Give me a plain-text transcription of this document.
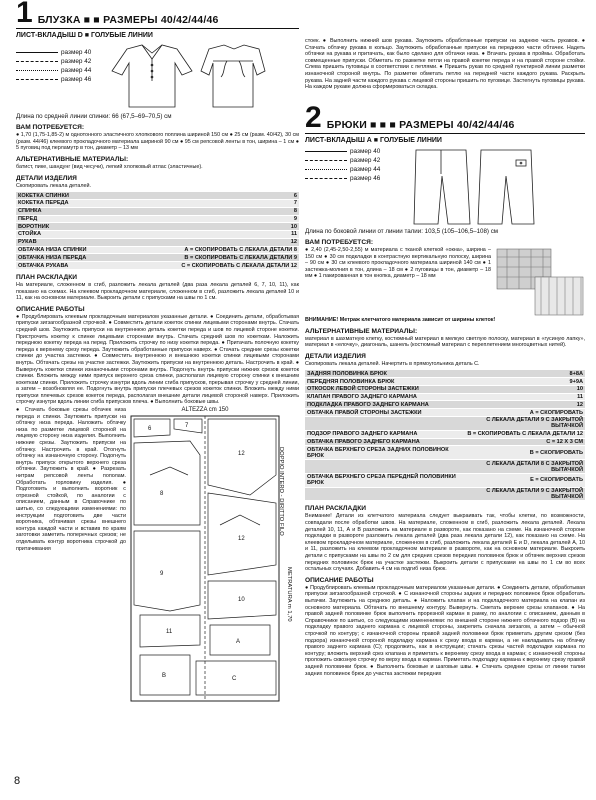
1 БЛУЗКА ■ ■ РАЗМЕРЫ 40/42/44/46
ЛИСТ-ВКЛАДЫШ D ■ ГОЛУБЫЕ ЛИНИИ
размер 40
размер 42
размер 44
размер 46
Длина по средней линии спинки: 66 (67,5–69–70,5) см
ВАМ ПОТРЕБУЕТСЯ:
● 1,70 (1,75-1,85-2) м однотонного эластичного хлопкового поплина шириной 150 см ● 25 см (разм. 40/42), 30 см (разм. 44/46) клеевого прокладочного материала шириной 90 см ● 95 см репсовой ленты в тон, ширина – 1 см ● 5 пуговиц под перламутр в тон, диаметр – 13 мм
АЛЬТЕРНАТИВНЫЕ МАТЕРИАЛЫ:
батист, пике, шандунг (вид чесучи), легкий хлопковый атлас (эластичные).
ДЕТАЛИ ИЗДЕЛИЯ
Скопировать лекала деталей.
КОКЕТКА СПИНКИ	6
КОКЕТКА ПЕРЕДА	7
СПИНКА	8
ПЕРЕД	9
ВОРОТНИК	10
СТОЙКА	11
РУКАВ	12
ОБТАЧКА НИЗА СПИНКИ	А = СКОПИРОВАТЬ С ЛЕКАЛА ДЕТАЛИ 8
ОБТАЧКА НИЗА ПЕРЕДА	В = СКОПИРОВАТЬ С ЛЕКАЛА ДЕТАЛИ 9
ОБТАЧКА РУКАВА	С = СКОПИРОВАТЬ С ЛЕКАЛА ДЕТАЛИ 12
ПЛАН РАСКЛАДКИ
На материале, сложенном в сгиб, разложить лекала деталей (два раза лекала деталей 6, 7, 10, 11), как показано на схемах. На клеевом прокладочном материале, сложенном в сгиб, разложить лекала деталей 10 и 11, как на основном материале. Выкроить детали с припусками на швы по 1 см.
ОПИСАНИЕ РАБОТЫ
● Продублировать клеевым прокладочным материалом указанные детали. ● Соединить детали, обработывая припуски зигзагообразной строчкой. ● Совместить детали кокеток спинки лицевыми сторонами внутрь. Стачать средний шов. Заутюжить припуски на внутреннюю деталь кокетки переда и шов по лицевой стороне кокетки. Пристрочить кокетку к спинке лицевыми сторонами внутрь. Стачать средний шов по кокеткам. Наложить переднюю кокетку переда на перед. Приложить строчку по низу кокетки переда. ● Притачать полочную кокетку переда к верхнему срезу переда. Заутюжить обработанные припуски наверх. ● Стачать средние срезы кокетки спинки до участка застежки. ● Совместить внутреннюю и внешнюю кокетки спинки лицевыми сторонами внутрь. Обтачать срезы на участке застежки. Заутюжить припуски на внутреннюю деталь. Настрочить в край. ● Вывернуть кокетки спинки изнаночными сторонами внутрь. Подогнуть внутрь припуски нижних срезов кокеток спинки. Вложить между ними припуск верхнего среза спинки, располагая лицевую сторону спинки к внешним кокеткам спинки. Приложить строчку изнутри вдоль линии сгиба припусков, прерывая строчку у средней линии, а затем – возобновляя ее. Подогнуть внутрь припуски плечевых срезов кокеток спинки. Вложить между ними припуски плечевых срезов кокеток переда, располагая внешние детали лицевой стороной наверх. Приложить строчку изнутри вдоль линии сгиба припусков плеча. ● Выполнить боковые швы.
● Стачать боковые срезы обтачек низа переда и спинки. Заутюжить припуски на обтачку низа переда. Наложить обтачку низа по разметке лицевой стороной на лицевую сторону низа изделия. Выполнить нижние срезы. Заутюжить припуски на обтачку. Настрочить в край. Отогнуть обтачку на изнаночную сторону. Подогнуть внутрь припуск открытого верхнего среза обтачки. Заутюжить в край. ● Разрезать нитрам репсовой ленты пополам. Обработать горловину изделия. ● Подготовить и выполнить воротник с отрезной стойкой, по аналогии с описанием, данным в Справочнике по шитью, со следующими изменениями: по инструкции подготовить две части воротника, обтачивая срезы внешнего контура каждой части и вставив по краям заготовки заметить поперечных срезов; не отделывать контур воротника строчкой до притачивания
ALTEZZA cm 150
6	7
8
9
12
12
10
11
A
B	C
DOPPIO INTERO - DIRITTO FILO
METRATURA m 1,70
стоек. ● Выполнить нижний шов рукава. Заутюжить обработанные припуски на заднюю часть рукавов. ● Стачать обтачку рукава в кольцо. Заутюжить обработанные припуски на переднюю части обтачек. Надеть обтачки на рукава и притачать, как было сделано для обтачки низа. ● Втачать рукава в проймы. Обработать совмещенные припуски. Обметать по разметке петли на правой кокетке переда и на правой стороне стойки. Слева пришить пуговицы в соответствии с петлями. ● Пришить рукав по средней пунктирной линии разметки изнаночной стороной внутрь. По разметке обметать петлю на передней части каждого рукава. Раскрыть рукава. На задней части каждого рукава с лицевой стороны пришить по пуговице. Застегнуть пуговицы рукава. На каждом рукаве должна сформироваться складка.
2 БРЮКИ ■ ■ ■ РАЗМЕРЫ 40/42/44/46
ЛИСТ-ВКЛАДЫШ А ■ ГОЛУБЫЕ ЛИНИИ
размер 40
размер 42
размер 44
размер 46
Длина по боковой линии от линии талии: 103,5 (105–106,5–108) см
ВАМ ПОТРЕБУЕТСЯ:
● 2,40 (2,45-2,50-2,55) м материала с тканой клеткой «окна», ширина – 150 см ● 30 см подкладки в контрастную вертикальную полоску, ширина – 90 см ● 30 см клеевого прокладочного материала шириной 140 см ● 1 застежка-молния в тон, длина – 18 см ● 2 пуговицы в тон, диаметр – 18 мм ● 1 пакированная в тон кнопка, диаметр – 18 мм
ВНИМАНИЕ! Метраж клетчатого материала зависит от ширины клеток!
АЛЬТЕРНАТИВНЫЕ МАТЕРИАЛЫ:
материал в шахматную клетку, костюмный материал в мелкую светлую полоску, материал в «гусиную лапку», материал в «елочку», диагональ, шанель (костюмный материал с переплетением многоцветных нитей).
ДЕТАЛИ ИЗДЕЛИЯ
Скопировать лекала деталей. Начертить в прямоугольника деталь С.
ЗАДНЯЯ ПОЛОВИНКА БРЮК	8+8А
ПЕРЕДНЯЯ ПОЛОВИНКА БРЮК	9+9А
ОТКОСОК ЛЕВОЙ СТОРОНЫ ЗАСТЕЖКИ	10
КЛАПАН ПРАВОГО ЗАДНЕГО КАРМАНА	11
ПОДКЛАДКА ПРАВОГО ЗАДНЕГО КАРМАНА	12
ОБТАЧКА ПРАВОЙ СТОРОНЫ ЗАСТЕЖКИ	А = СКОПИРОВАТЬ
	С ЛЕКАЛА ДЕТАЛИ 9 С ЗАКРЫТОЙ ВЫТАЧКОЙ
ПОДЗОР ПРАВОГО ЗАДНЕГО КАРМАНА	В = СКОПИРОВАТЬ С ЛЕКАЛА ДЕТАЛИ 12
ОБТАЧКА ПРАВОГО ЗАДНЕГО КАРМАНА	С = 12 Х 3 СМ
ОБТАЧКА ВЕРХНЕГО СРЕЗА ЗАДНИХ ПОЛОВИНОК БРЮК	В = СКОПИРОВАТЬ
	С ЛЕКАЛА ДЕТАЛИ 8 С ЗАКРЫТОЙ ВЫТАЧКОЙ
ОБТАЧКА ВЕРХНЕГО СРЕЗА ПЕРЕДНЕЙ ПОЛОВИНКИ БРЮК	Е = СКОПИРОВАТЬ
	С ЛЕКАЛА ДЕТАЛИ 9 С ЗАКРЫТОЙ ВЫТАЧКОЙ
ПЛАН РАСКЛАДКИ
Внимание! Детали из клетчатого материала следует выкраивать так, чтобы клетки, по возможности, совпадали после обработки швов. На материале, сложенном в сгиб, разложить лекала деталей. Лекала деталей 10, 11, А и В разложить на материале в развороте, как показано на схеме. На изнаночной стороне подкладки в развороте разложить лекала деталей (два раза лекала детали 12), как показано на схеме. На клеевом прокладочном материале, сложенном в сгиб, разложить лекала деталей Е и D, лекала деталей А, 10 и 11, разложить на клеевом прокладочном материале в развороте, как на основном материале. Выкроить детали с припусками на швы по 2 см для средних срезов передних половинок брюк и обтачек верхних срезов передних половинок брюк на участке застежки. Выкроить детали с припусками на швы по 1 см во всех остальных случаях. Добавить 4 см на подгиб низа брюк.
ОПИСАНИЕ РАБОТЫ
● Продублировать клеевым прокладочным материалом указанные детали. ● Соединить детали, обработывая припуски зигзагообразной строчкой. ● С изнаночной стороны задних и передних половинок брюк обработать вытачки. Заутюжить на среднюю деталь. ● Наложить клапан и на подкладочного материала на клапан из основного материала. Обтачать по внешнему контуру. Вывернуть. Сметать верхние срезы клапанов. ● На правой задней половинке брюк выполнить прорезной карман в рамку, по аналогии с описанием, данным в Справочнике по шитью, со следующими изменениями: по внешней стороне нижнего обтачного подзор (В) на подкладку правого заднего кармана с лицевой стороны, закрепить сначала зигзагом, а затем – обычной строчкой по контуру; с изнаночной стороны правой задней половинки брюк приметать другим срезом (без подзора) изнаночной стороной подкладку кармана к срезу входа в карман, а не накладывать на обтачку правого заднего кармана (С); продолжить, как в инструкции; стачать срезы частей подкладки кармана по контуру; вложить верхний срез клапана и приметать к верхнему срезу входа в карман; с изнаночной стороны проложить сквозную строчку по верху входа в карман. Приметать подкладку кармана к верхнему срезу правой задней половинки брюк. ● Выполнить боковые и шаговые швы. ● Стачать средние срезы от линии талии задних половинок брюк до участка застежки передних
8
